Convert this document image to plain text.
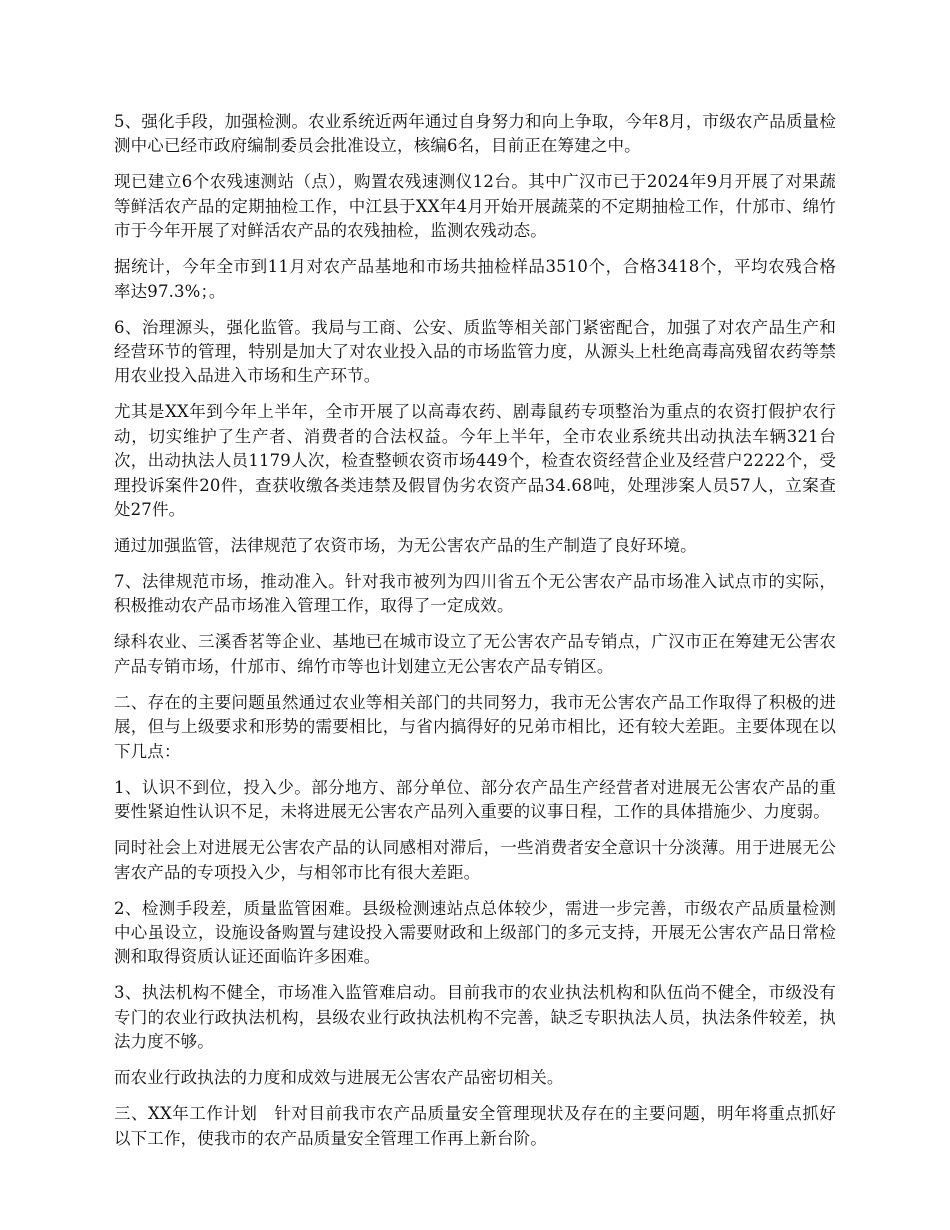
5、强化手段，加强检测。农业系统近两年通过自身努力和向上争取，今年8月，市级农产品质量检测中心已经市政府编制委员会批准设立，核编6名，目前正在筹建之中。

现已建立6个农残速测站（点），购置农残速测仪12台。其中广汉市已于2024年9月开展了对果蔬等鲜活农产品的定期抽检工作，中江县于XX年4月开始开展蔬菜的不定期抽检工作，什邡市、绵竹市于今年开展了对鲜活农产品的农残抽检，监测农残动态。

据统计，今年全市到11月对农产品基地和市场共抽检样品3510个，合格3418个，平均农残合格率达97.3%；。

6、治理源头，强化监管。我局与工商、公安、质监等相关部门紧密配合，加强了对农产品生产和经营环节的管理，特别是加大了对农业投入品的市场监管力度，从源头上杜绝高毒高残留农药等禁用农业投入品进入市场和生产环节。

尤其是XX年到今年上半年，全市开展了以高毒农药、剧毒鼠药专项整治为重点的农资打假护农行动，切实维护了生产者、消费者的合法权益。今年上半年，全市农业系统共出动执法车辆321台次，出动执法人员1179人次，检查整顿农资市场449个，检查农资经营企业及经营户2222个，受理投诉案件20件，查获收缴各类违禁及假冒伪劣农资产品34.68吨，处理涉案人员57人，立案查处27件。

通过加强监管，法律规范了农资市场，为无公害农产品的生产制造了良好环境。

7、法律规范市场，推动准入。针对我市被列为四川省五个无公害农产品市场准入试点市的实际，积极推动农产品市场准入管理工作，取得了一定成效。

绿科农业、三溪香茗等企业、基地已在城市设立了无公害农产品专销点，广汉市正在筹建无公害农产品专销市场，什邡市、绵竹市等也计划建立无公害农产品专销区。

二、存在的主要问题虽然通过农业等相关部门的共同努力，我市无公害农产品工作取得了积极的进展，但与上级要求和形势的需要相比，与省内搞得好的兄弟市相比，还有较大差距。主要体现在以下几点：

1、认识不到位，投入少。部分地方、部分单位、部分农产品生产经营者对进展无公害农产品的重要性紧迫性认识不足，未将进展无公害农产品列入重要的议事日程，工作的具体措施少、力度弱。

同时社会上对进展无公害农产品的认同感相对滞后，一些消费者安全意识十分淡薄。用于进展无公害农产品的专项投入少，与相邻市比有很大差距。

2、检测手段差，质量监管困难。县级检测速站点总体较少，需进一步完善，市级农产品质量检测中心虽设立，设施设备购置与建设投入需要财政和上级部门的多元支持，开展无公害农产品日常检测和取得资质认证还面临许多困难。

3、执法机构不健全，市场准入监管难启动。目前我市的农业执法机构和队伍尚不健全，市级没有专门的农业行政执法机构，县级农业行政执法机构不完善，缺乏专职执法人员，执法条件较差，执法力度不够。

而农业行政执法的力度和成效与进展无公害农产品密切相关。

三、XX年工作计划　针对目前我市农产品质量安全管理现状及存在的主要问题，明年将重点抓好以下工作，使我市的农产品质量安全管理工作再上新台阶。
